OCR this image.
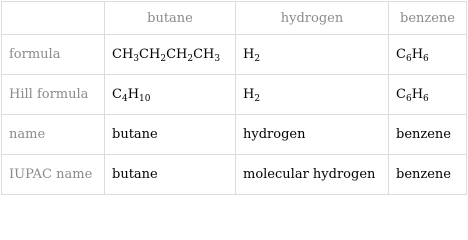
	butane	hydrogen	benzene
formula	$CH_3CH_2CH_2CH_3$	$H_2$	$C_6H_6$
Hill formula	$C_4H_{10}$	$H_2$	$C_6H_6$
name	butane	hydrogen	benzene
IUPAC name	butane	molecular hydrogen	benzene
